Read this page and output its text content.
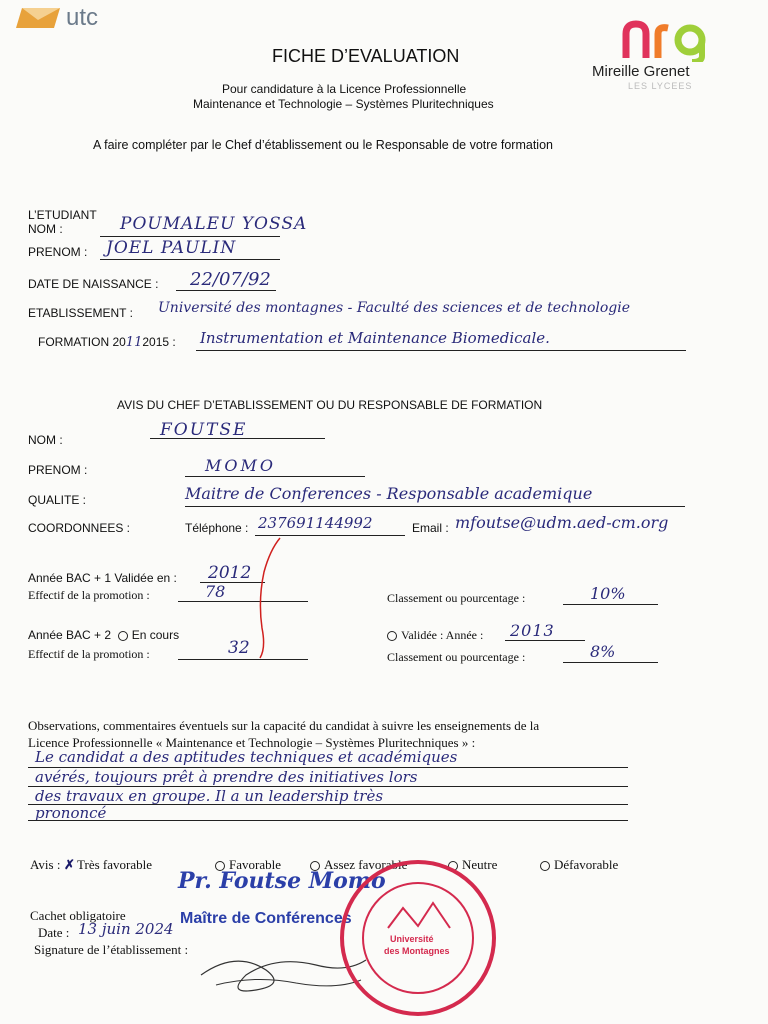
utc
FICHE D’EVALUATION
Pour candidature à la Licence Professionnelle
Maintenance et Technologie – Systèmes Pluritechniques
Mireille Grenet
LES LYCEES
A faire compléter par le Chef d’établissement ou le Responsable de votre formation
L’ETUDIANT
NOM :	POUMALEU YOSSA
PRENOM : JOEL PAULIN
DATE DE NAISSANCE : 22/07/92
ETABLISSEMENT : Université des montagnes - Faculté des sciences et de technologie
FORMATION 20112015 : Instrumentation et Maintenance Biomedicale.
AVIS DU CHEF D’ETABLISSEMENT OU DU RESPONSABLE DE FORMATION
NOM :	FOUTSE
PRENOM :	MOMO
QUALITE :	Maitre de Conferences - Responsable academique
COORDONNEES :	Téléphone : 237691144992	Email : mfoutse@udm.aed-cm.org
Année BAC + 1 Validée en : 2012
Effectif de la promotion :	78	Classement ou pourcentage :	10%
Année BAC + 2 En cours
Effectif de la promotion :	32
Validée : Année : 2013
Classement ou pourcentage :	8%
Observations, commentaires éventuels sur la capacité du candidat à suivre les enseignements de la
Licence Professionnelle « Maintenance et Technologie – Systèmes Pluritechniques » :
Le candidat a des aptitudes techniques et académiques
avérés, toujours prêt à prendre des initiatives lors
des travaux en groupe. Il a un leadership très
prononcé
Avis : ✗ Très favorable	Favorable	Assez favorable	Neutre	Défavorable
Cachet obligatoire
Date : 13 juin 2024
Signature de l’établissement :
Pr. Foutse Momo
Maître de Conférences
Université
des Montagnes
